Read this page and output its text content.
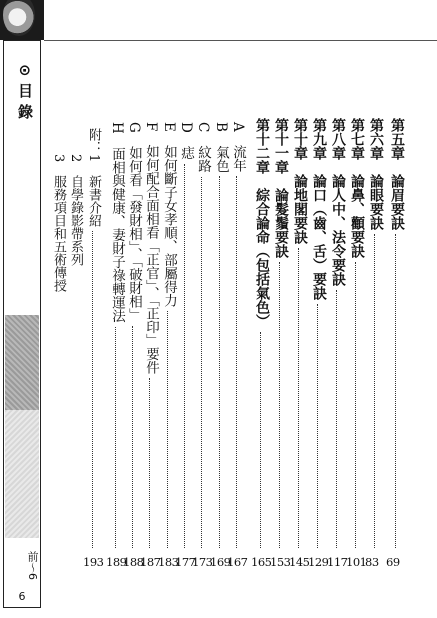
⊙目錄
前～6
6
第五章　論眉要訣
69
第六章　論眼要訣
83
第七章　論鼻、顴要訣
101
第八章　論人中、法令要訣
117
第九章　論口（齒、舌）要訣
129
第十章　論地閣要訣
145
第十一章　論髮鬚要訣
153
第十二章　綜合論命（包括氣色）
165
A　流年
167
B　氣色
169
C　紋路
173
D　痣
177
E　如何斷子女孝順、部屬得力
183
F　如何配合面相看「正官」、「正印」要件
187
G　如何看「發財相」、「破財相」
188
H　面相與健康、妻財子祿轉運法
189
附：1　新書介紹
193
　　2　自學錄影帶系列
　　3　服務項目和五術傳授
